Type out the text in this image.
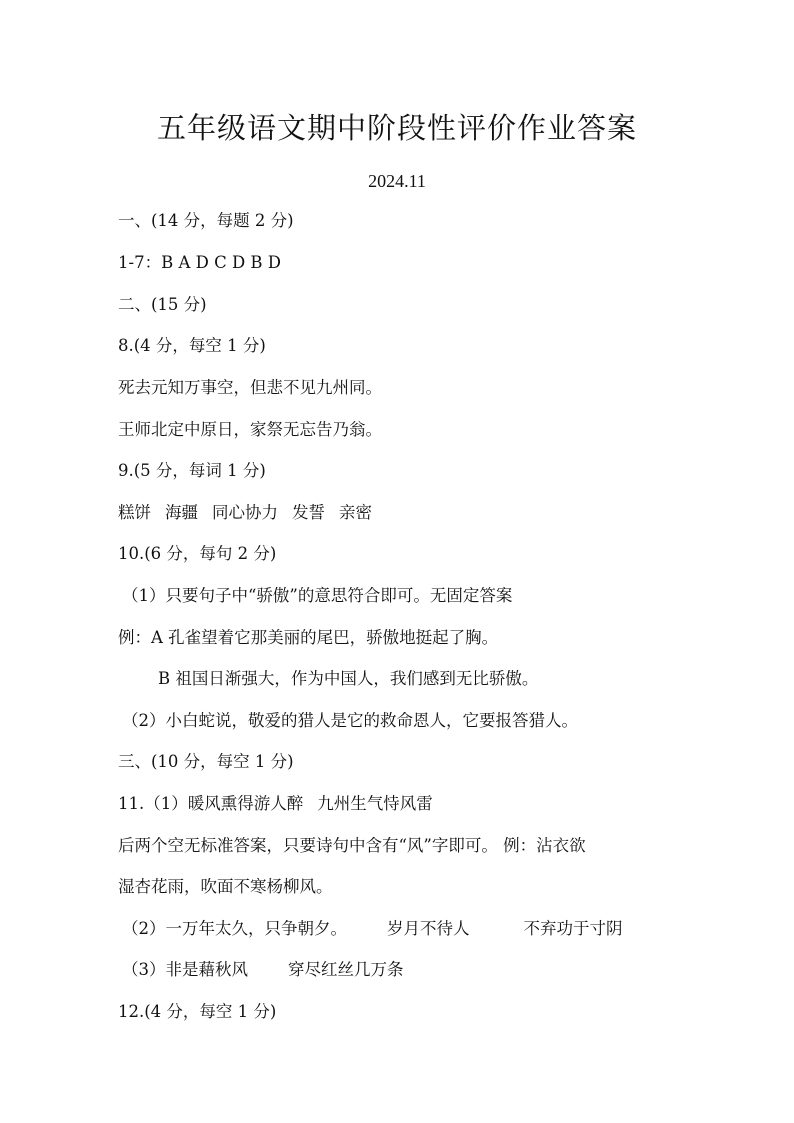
五年级语文期中阶段性评价作业答案
2024.11
一、(14 分，每题 2 分)
1-7：B A D C D B D
二、(15 分)
8.(4 分，每空 1 分)
死去元知万事空，但悲不见九州同。
王师北定中原日，家祭无忘告乃翁。
9.(5 分，每词 1 分)
糕饼 海疆 同心协力 发誓 亲密
10.(6 分，每句 2 分)
（1）只要句子中“骄傲”的意思符合即可。无固定答案
例：A 孔雀望着它那美丽的尾巴，骄傲地挺起了胸。
B 祖国日渐强大，作为中国人，我们感到无比骄傲。
（2）小白蛇说，敬爱的猎人是它的救命恩人，它要报答猎人。
三、(10 分，每空 1 分)
11.（1）暖风熏得游人醉 九州生气恃风雷
后两个空无标准答案，只要诗句中含有“风”字即可。 例：沾衣欲
湿杏花雨，吹面不寒杨柳风。
（2）一万年太久，只争朝夕。 岁月不待人	不弃功于寸阴
（3）非是藉秋风 穿尽红丝几万条
12.(4 分，每空 1 分)
